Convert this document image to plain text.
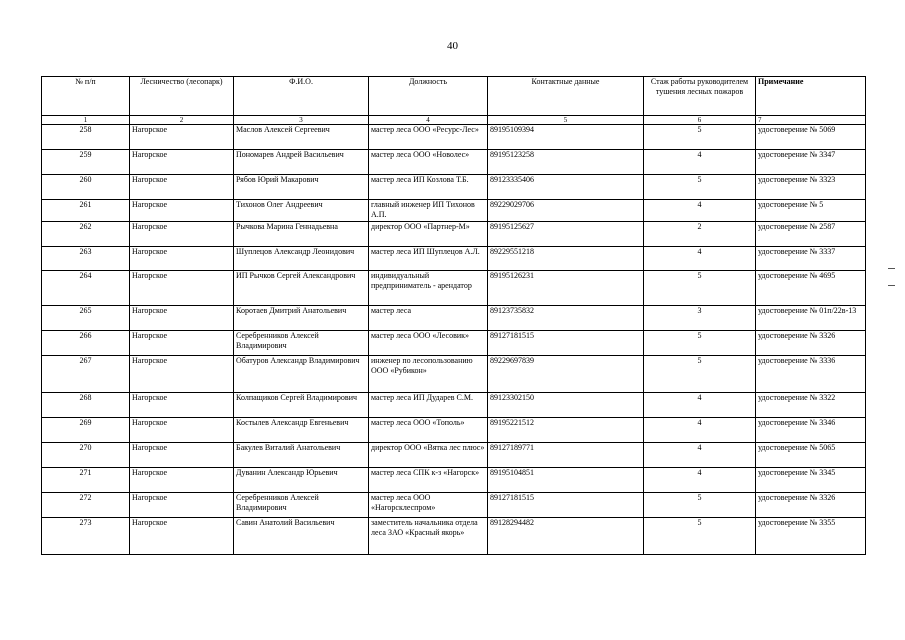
40
№ п/п	Лесничество (лесопарк)	Ф.И.О.	Должность	Контактные данные	Стаж работы руководителем тушения лесных пожаров	Примечание
1	2	3	4	5	6	7
258	Нагорское	Маслов Алексей Сергеевич	мастер леса ООО «Ресурс-Лес»	89195109394	5	удостоверение № 5069
259	Нагорское	Пономарев Андрей Васильевич	мастер леса ООО «Новолес»	89195123258	4	удостоверение № 3347
260	Нагорское	Рябов Юрий Макарович	мастер леса ИП Козлова Т.Б.	89123335406	5	удостоверение № 3323
261	Нагорское	Тихонов Олег Андреевич	главный инженер ИП Тихонов А.П.	89229029706	4	удостоверение № 5
262	Нагорское	Рычкова Марина Геннадьевна	директор ООО «Партнер-М»	89195125627	2	удостоверение № 2587
263	Нагорское	Шуплецов Александр Леонидович	мастер леса ИП Шуплецов А.Л.	89229551218	4	удостоверение № 3337
264	Нагорское	ИП Рычков Сергей Александрович	индивидуальный предприниматель - арендатор	89195126231	5	удостоверение № 4695
265	Нагорское	Коротаев Дмитрий Анатольевич	мастер леса	89123735832	3	удостоверение № 01п/22в-13
266	Нагорское	Серебренников Алексей Владимирович	мастер леса ООО «Лесовик»	89127181515	5	удостоверение № 3326
267	Нагорское	Обатуров Александр Владимирович	инженер по лесопользованию ООО «Рубикон»	89229697839	5	удостоверение № 3336
268	Нагорское	Колпащиков Сергей Владимирович	мастер леса ИП Дударев С.М.	89123302150	4	удостоверение № 3322
269	Нагорское	Костылев Александр Евгеньевич	мастер леса ООО «Тополь»	89195221512	4	удостоверение № 3346
270	Нагорское	Бакулев Виталий Анатольевич	директор ООО «Вятка лес плюс»	89127189771	4	удостоверение № 5065
271	Нагорское	Дуванин Александр Юрьевич	мастер леса СПК к-з «Нагорск»	89195104851	4	удостоверение № 3345
272	Нагорское	Серебренников Алексей Владимирович	мастер леса ООО «Нагорсклеспром»	89127181515	5	удостоверение № 3326
273	Нагорское	Савин Анатолий Васильевич	заместитель начальника отдела леса ЗАО «Красный якорь»	89128294482	5	удостоверение № 3355
